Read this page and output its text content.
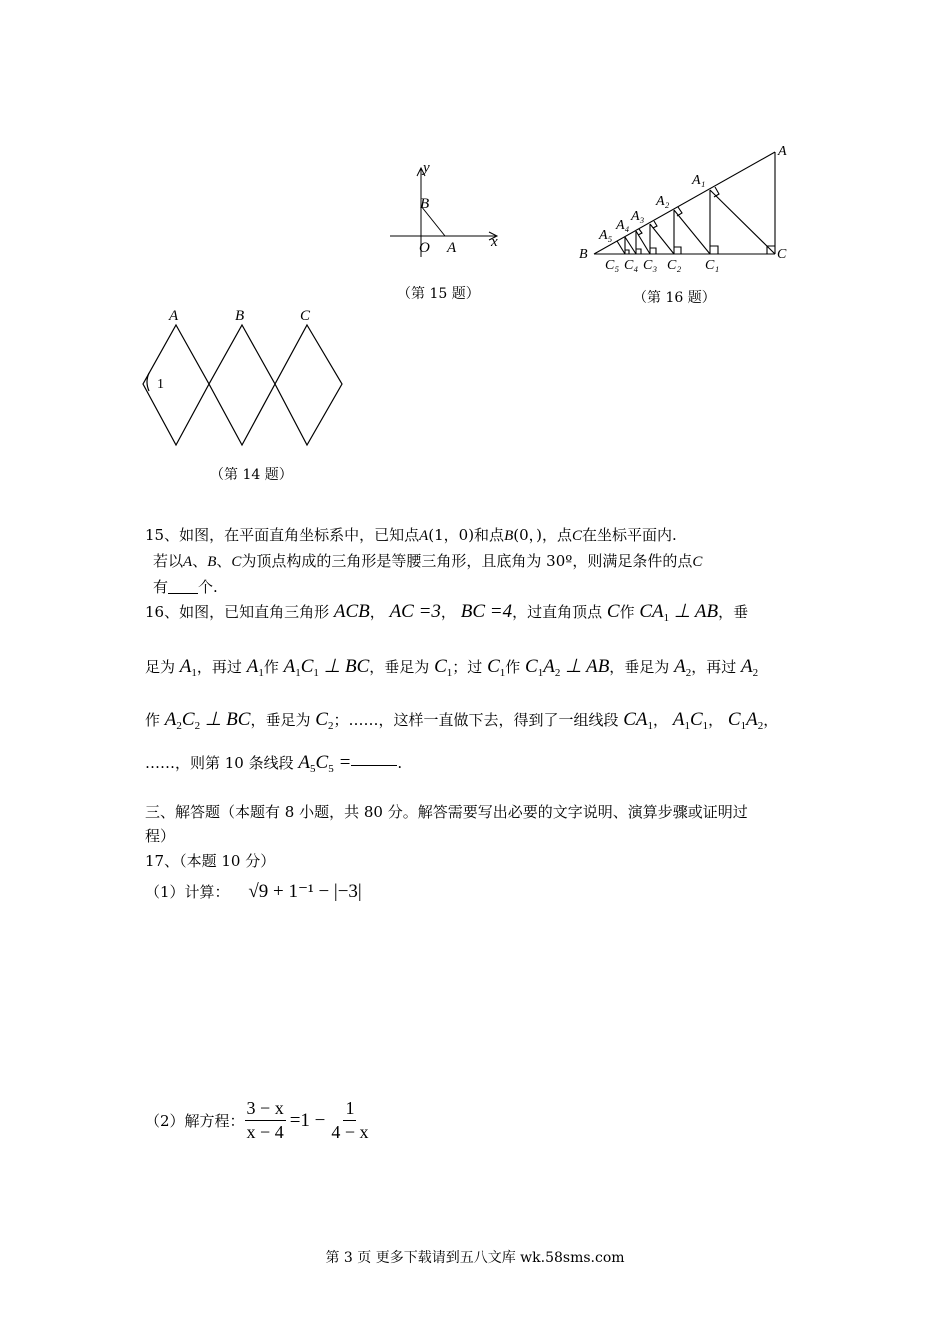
y
x
B
O A
（第 15 题）
A
B	C
A₁
A₂
A₃
A₄
A₅
C₁
C₂
C₃
C₄
C₅
（第 16 题）
A	B	C
1
（第 14 题）
15、如图，在平面直角坐标系中，已知点A(1，0)和点B(0，)，点C在坐标平面内.
若以A、B、C为顶点构成的三角形是等腰三角形，且底角为 30º，则满足条件的点C
有 个.
16、如图，已知直角三角形 ACB， AC =3， BC =4，过直角顶点 C作 $CA_1$ ⊥ AB，垂
足为 $A_1$，再过 $A_1$作 $A_1C_1$ ⊥ BC，垂足为 $C_1$；过 $C_1$作 $C_1A_2$ ⊥ AB，垂足为 $A_2$，再过 $A_2$
作 $A_2C_2$ ⊥ BC，垂足为 $C_2$；……，这样一直做下去，得到了一组线段 $CA_1$， $A_1C_1$， $C_1A_2$，
……，则第 10 条线段 $A_5C_5$ =	.
三、解答题（本题有 8 小题，共 80 分。解答需要写出必要的文字说明、演算步骤或证明过
程）
17、（本题 10 分）
（1）计算： √9 + 1⁻¹ − |−3|
（2）解方程： $\frac{3 - x}{x - 4} =1 - \frac{1}{4 - x}$
第 3 页 更多下载请到五八文库 wk.58sms.com
